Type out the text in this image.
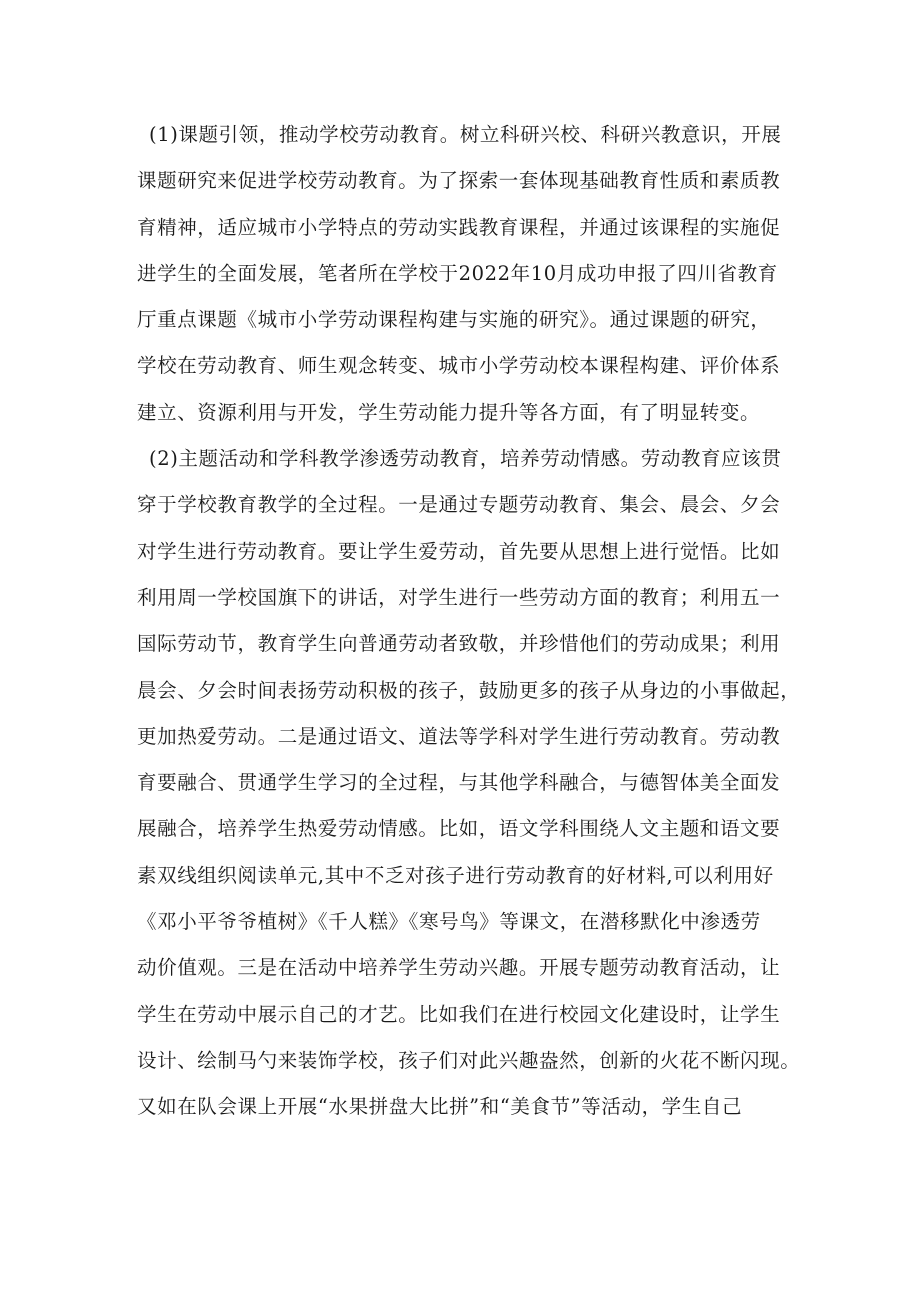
(1)课题引领，推动学校劳动教育。树立科研兴校、科研兴教意识，开展
课题研究来促进学校劳动教育。为了探索一套体现基础教育性质和素质教
育精神，适应城市小学特点的劳动实践教育课程，并通过该课程的实施促
进学生的全面发展，笔者所在学校于2022年10月成功申报了四川省教育
厅重点课题《城市小学劳动课程构建与实施的研究》。通过课题的研究，
学校在劳动教育、师生观念转变、城市小学劳动校本课程构建、评价体系
建立、资源利用与开发，学生劳动能力提升等各方面，有了明显转变。
(2)主题活动和学科教学渗透劳动教育，培养劳动情感。劳动教育应该贯
穿于学校教育教学的全过程。一是通过专题劳动教育、集会、晨会、夕会
对学生进行劳动教育。要让学生爱劳动，首先要从思想上进行觉悟。比如
利用周一学校国旗下的讲话，对学生进行一些劳动方面的教育；利用五一
国际劳动节，教育学生向普通劳动者致敬，并珍惜他们的劳动成果；利用
晨会、夕会时间表扬劳动积极的孩子，鼓励更多的孩子从身边的小事做起，
更加热爱劳动。二是通过语文、道法等学科对学生进行劳动教育。劳动教
育要融合、贯通学生学习的全过程，与其他学科融合，与德智体美全面发
展融合，培养学生热爱劳动情感。比如，语文学科围绕人文主题和语文要
素双线组织阅读单元,其中不乏对孩子进行劳动教育的好材料,可以利用好
《邓小平爷爷植树》《千人糕》《寒号鸟》等课文，在潜移默化中渗透劳
动价值观。三是在活动中培养学生劳动兴趣。开展专题劳动教育活动，让
学生在劳动中展示自己的才艺。比如我们在进行校园文化建设时，让学生
设计、绘制马勺来装饰学校，孩子们对此兴趣盎然，创新的火花不断闪现。
又如在队会课上开展“水果拼盘大比拼”和“美食节”等活动，学生自己
